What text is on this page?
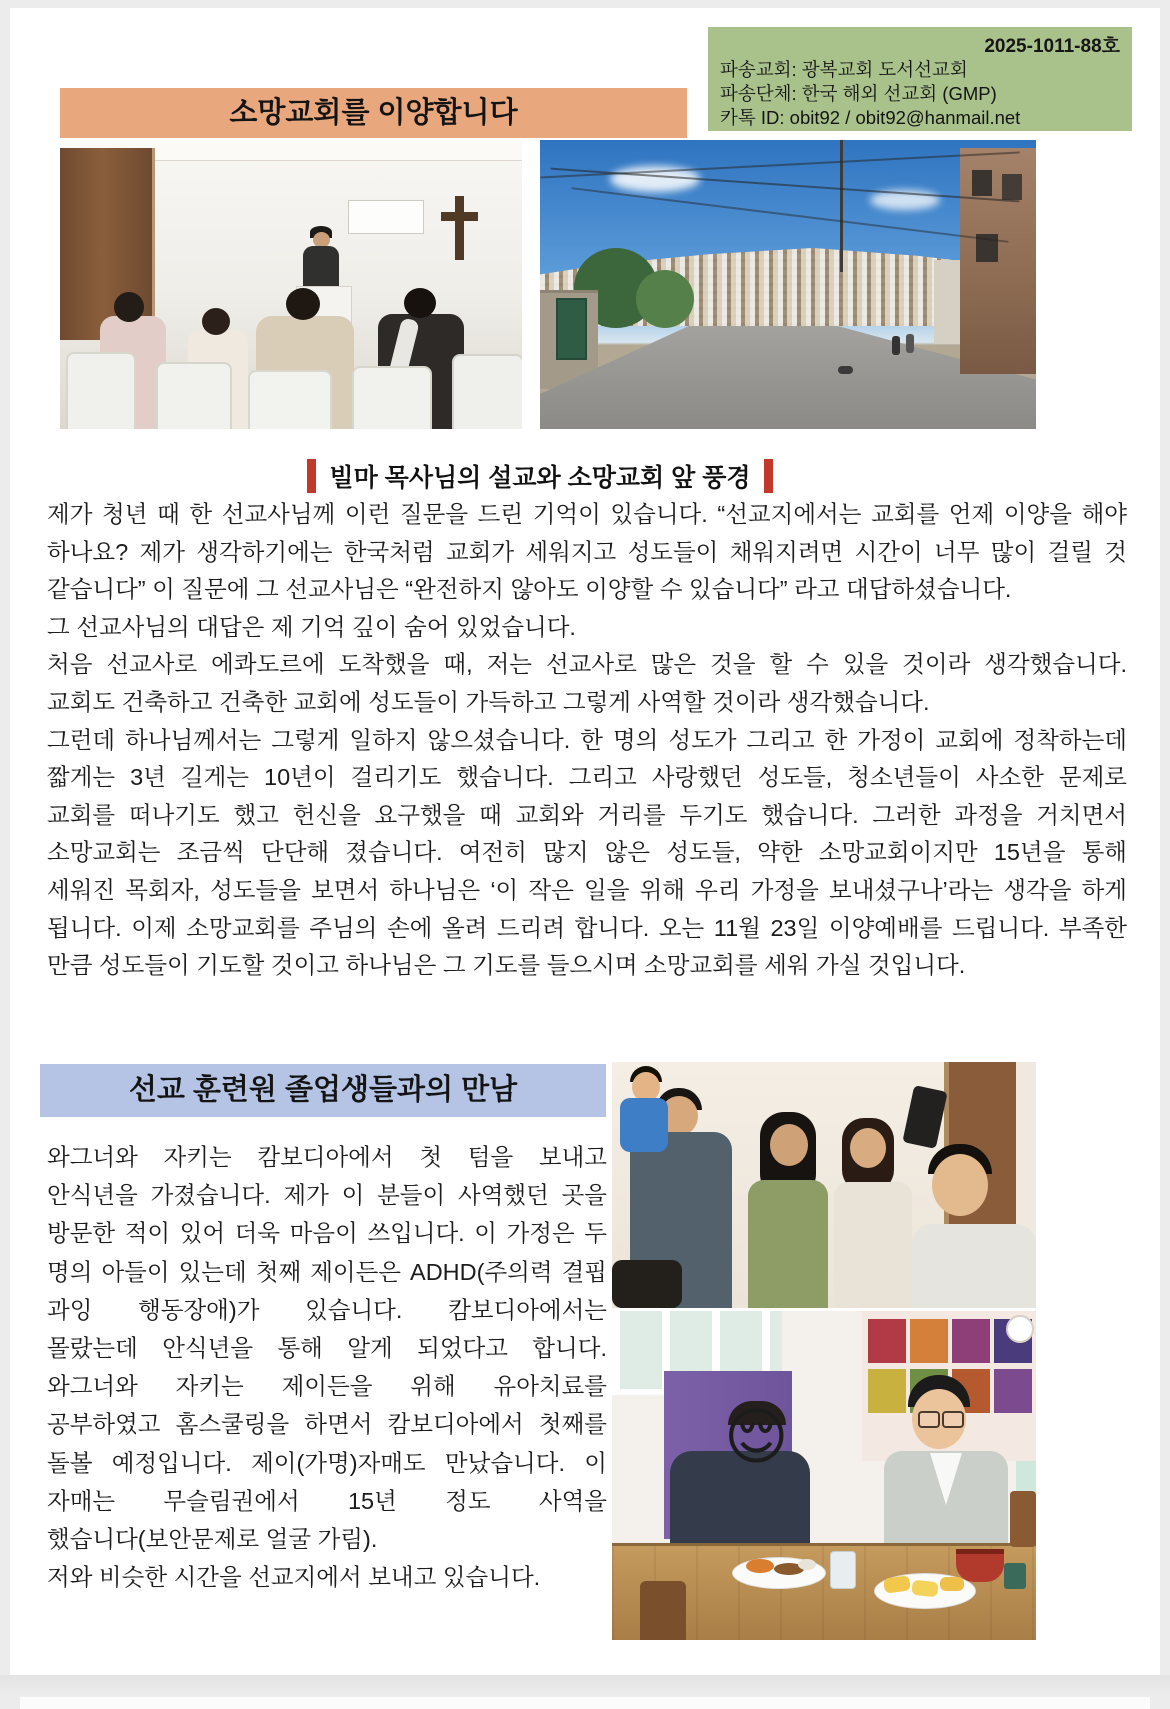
2025-1011-88호
파송교회: 광복교회 도서선교회
파송단체: 한국 해외 선교회 (GMP)
카톡 ID: obit92 / obit92@hanmail.net
소망교회를 이양합니다
빌마 목사님의 설교와 소망교회 앞 풍경
제가 청년 때 한 선교사님께 이런 질문을 드린 기억이 있습니다. “선교지에서는 교회를 언제 이양을 해야
하나요? 제가 생각하기에는 한국처럼 교회가 세워지고 성도들이 채워지려면 시간이 너무 많이 걸릴 것
같습니다” 이 질문에 그 선교사님은 “완전하지 않아도 이양할 수 있습니다” 라고 대답하셨습니다.
그 선교사님의 대답은 제 기억 깊이 숨어 있었습니다.
처음 선교사로 에콰도르에 도착했을 때, 저는 선교사로 많은 것을 할 수 있을 것이라 생각했습니다.
교회도 건축하고 건축한 교회에 성도들이 가득하고 그렇게 사역할 것이라 생각했습니다.
그런데 하나님께서는 그렇게 일하지 않으셨습니다. 한 명의 성도가 그리고 한 가정이 교회에 정착하는데
짧게는 3년 길게는 10년이 걸리기도 했습니다. 그리고 사랑했던 성도들, 청소년들이 사소한 문제로
교회를 떠나기도 했고 헌신을 요구했을 때 교회와 거리를 두기도 했습니다. 그러한 과정을 거치면서
소망교회는 조금씩 단단해 졌습니다. 여전히 많지 않은 성도들, 약한 소망교회이지만 15년을 통해
세워진 목회자, 성도들을 보면서 하나님은 ‘이 작은 일을 위해 우리 가정을 보내셨구나’라는 생각을 하게
됩니다. 이제 소망교회를 주님의 손에 올려 드리려 합니다. 오는 11월 23일 이양예배를 드립니다. 부족한
만큼 성도들이 기도할 것이고 하나님은 그 기도를 들으시며 소망교회를 세워 가실 것입니다.
선교 훈련원 졸업생들과의 만남
와그너와 자키는 캄보디아에서 첫 텀을 보내고
안식년을 가졌습니다. 제가 이 분들이 사역했던 곳을
방문한 적이 있어 더욱 마음이 쓰입니다. 이 가정은 두
명의 아들이 있는데 첫째 제이든은 ADHD(주의력 결핍
과잉 행동장애)가 있습니다. 캄보디아에서는
몰랐는데 안식년을 통해 알게 되었다고 합니다.
와그너와 자키는 제이든을 위해 유아치료를
공부하였고 홈스쿨링을 하면서 캄보디아에서 첫째를
돌볼 예정입니다. 제이(가명)자매도 만났습니다. 이
자매는 무슬림권에서 15년 정도 사역을
했습니다(보안문제로 얼굴 가림).
저와 비슷한 시간을 선교지에서 보내고 있습니다.
😌
